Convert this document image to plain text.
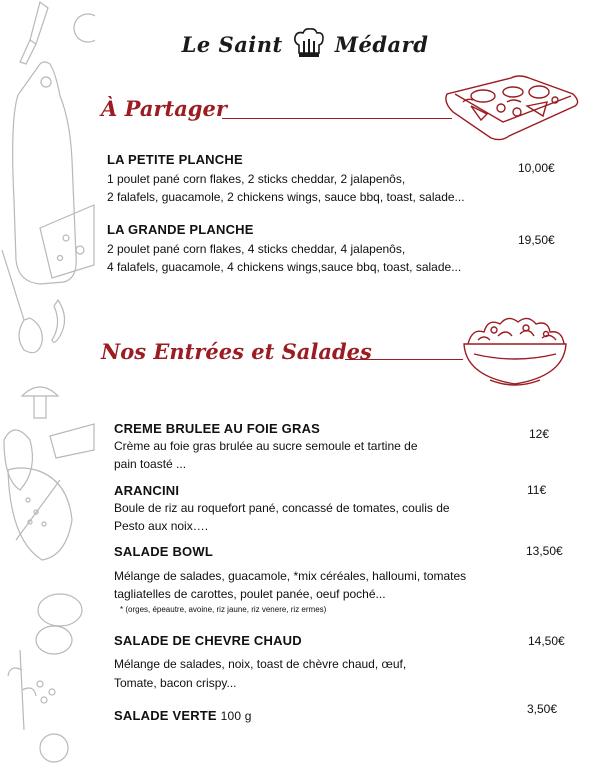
Le Saint Médard
À Partager
LA PETITE PLANCHE
10,00€
1 poulet pané corn flakes, 2 sticks cheddar, 2 jalapenôs,
2 falafels, guacamole, 2 chickens wings, sauce bbq, toast, salade...
LA GRANDE PLANCHE
19,50€
2 poulet pané corn flakes, 4 sticks cheddar, 4 jalapenôs,
4 falafels, guacamole, 4 chickens wings,sauce bbq, toast, salade...
Nos Entrées et Salades
CREME BRULEE AU FOIE GRAS	12€
Crème au foie gras brulée au sucre semoule et tartine de
pain toasté ...
ARANCINI	11€
Boule de riz au roquefort pané, concassé de tomates, coulis de
Pesto aux noix….
SALADE BOWL	13,50€
Mélange de salades, guacamole, *mix céréales, halloumi, tomates
tagliatelles de carottes, poulet panée, oeuf poché...
* (orges, épeautre, avoine, riz jaune, riz venere, riz ermes)
SALADE DE CHEVRE CHAUD	14,50€
Mélange de salades, noix, toast de chèvre chaud, œuf,
Tomate, bacon crispy...
SALADE VERTE 100 g	3,50€
